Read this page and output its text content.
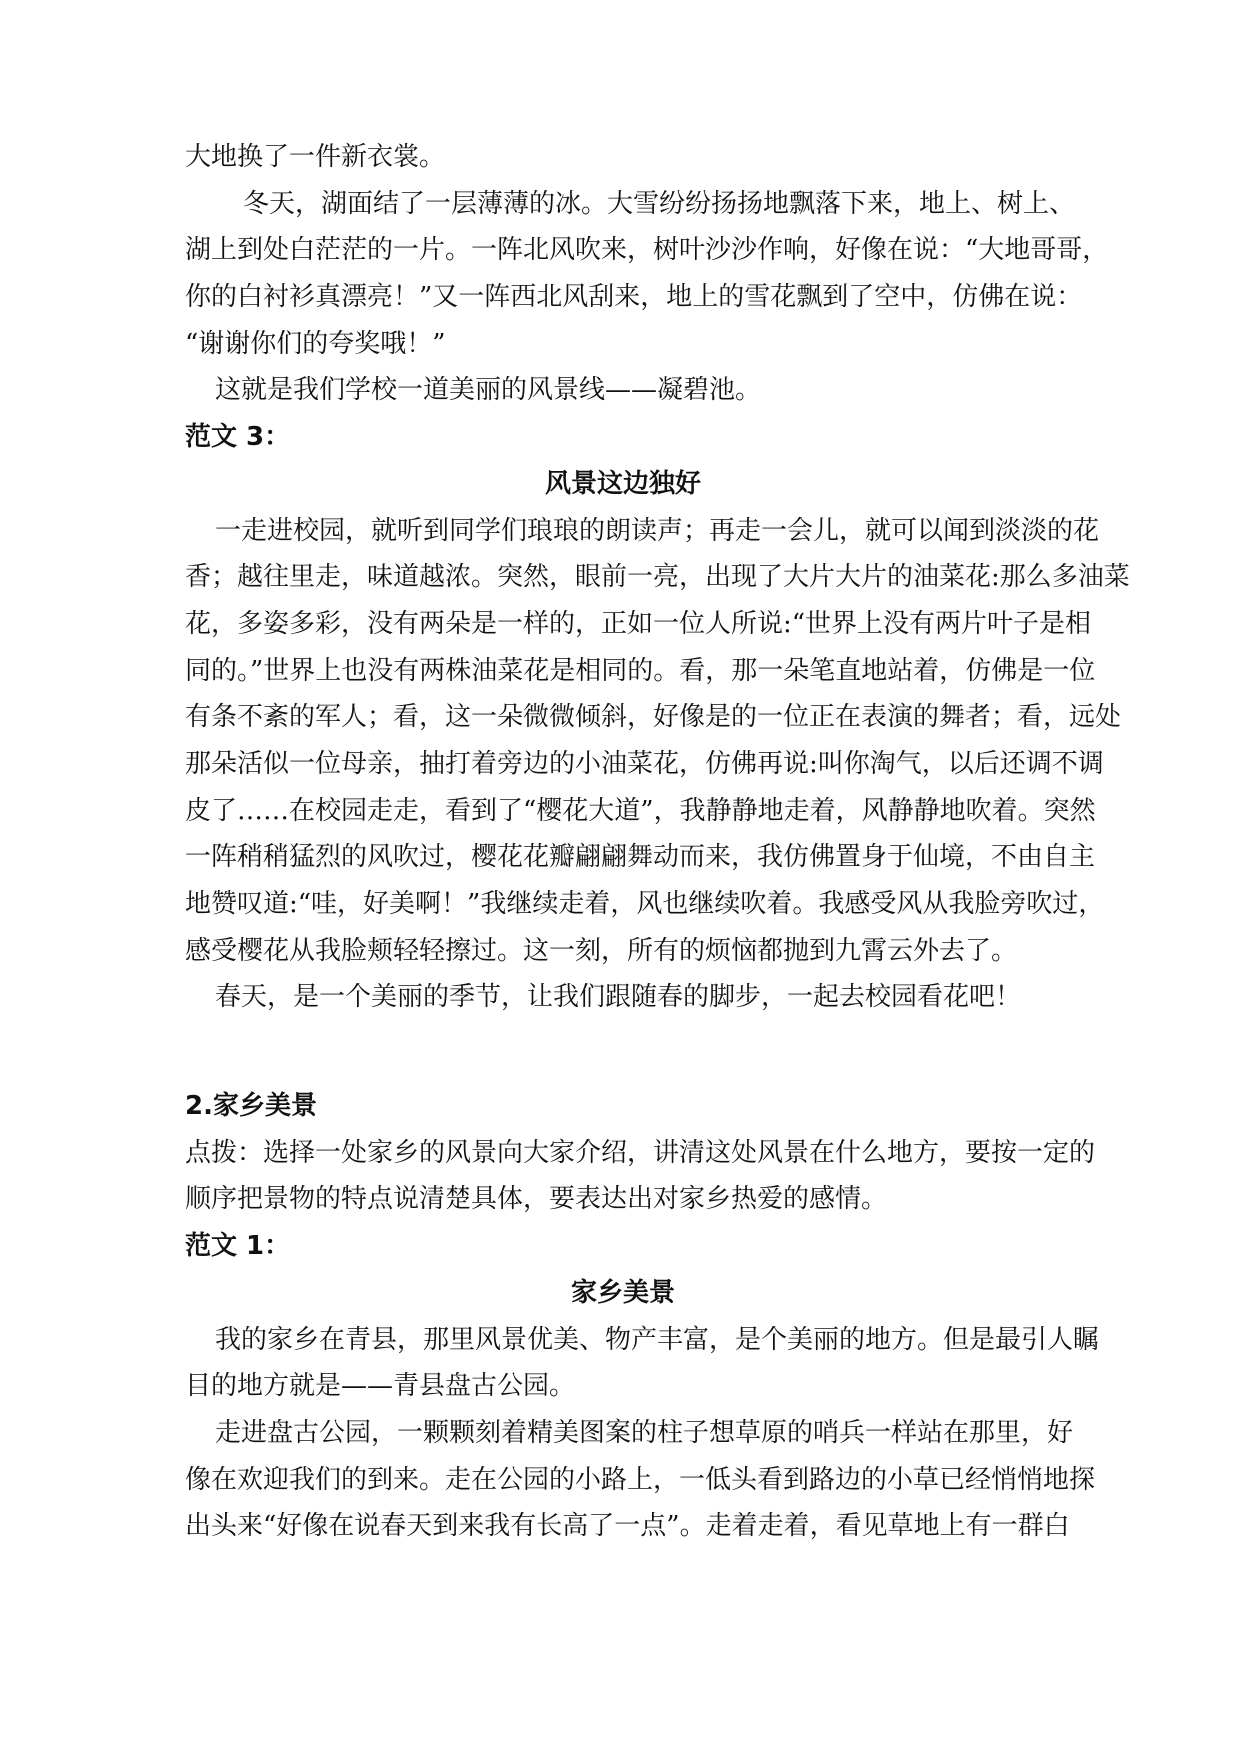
大地换了一件新衣裳。
冬天，湖面结了一层薄薄的冰。大雪纷纷扬扬地飘落下来，地上、树上、
湖上到处白茫茫的一片。一阵北风吹来，树叶沙沙作响，好像在说：“大地哥哥，
你的白衬衫真漂亮！”又一阵西北风刮来，地上的雪花飘到了空中，仿佛在说：
“谢谢你们的夸奖哦！”
这就是我们学校一道美丽的风景线——凝碧池。
范文 3：
风景这边独好
一走进校园，就听到同学们琅琅的朗读声；再走一会儿，就可以闻到淡淡的花
香；越往里走，味道越浓。突然，眼前一亮，出现了大片大片的油菜花:那么多油菜
花，多姿多彩，没有两朵是一样的，正如一位人所说:“世界上没有两片叶子是相
同的。”世界上也没有两株油菜花是相同的。看，那一朵笔直地站着，仿佛是一位
有条不紊的军人；看，这一朵微微倾斜，好像是的一位正在表演的舞者；看，远处
那朵活似一位母亲，抽打着旁边的小油菜花，仿佛再说:叫你淘气，以后还调不调
皮了……在校园走走，看到了“樱花大道”，我静静地走着，风静静地吹着。突然
一阵稍稍猛烈的风吹过，樱花花瓣翩翩舞动而来，我仿佛置身于仙境，不由自主
地赞叹道:“哇，好美啊！”我继续走着，风也继续吹着。我感受风从我脸旁吹过，
感受樱花从我脸颊轻轻擦过。这一刻，所有的烦恼都抛到九霄云外去了。
春天，是一个美丽的季节，让我们跟随春的脚步，一起去校园看花吧！
2.家乡美景
点拨：选择一处家乡的风景向大家介绍，讲清这处风景在什么地方，要按一定的
顺序把景物的特点说清楚具体，要表达出对家乡热爱的感情。
范文 1：
家乡美景
我的家乡在青县，那里风景优美、物产丰富，是个美丽的地方。但是最引人瞩
目的地方就是——青县盘古公园。
走进盘古公园，一颗颗刻着精美图案的柱子想草原的哨兵一样站在那里，好
像在欢迎我们的到来。走在公园的小路上，一低头看到路边的小草已经悄悄地探
出头来“好像在说春天到来我有长高了一点”。走着走着，看见草地上有一群白
